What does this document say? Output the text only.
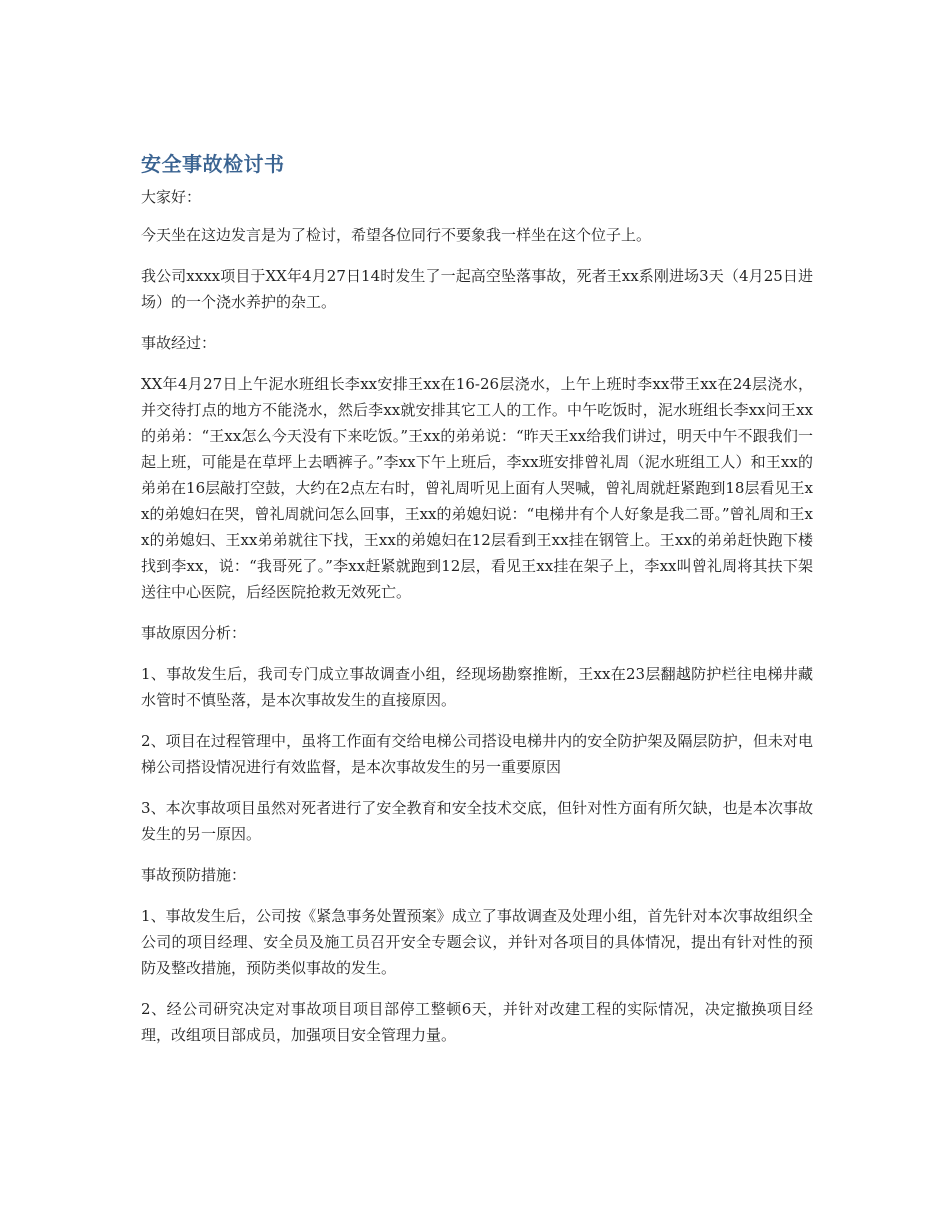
安全事故检讨书

大家好：

今天坐在这边发言是为了检讨，希望各位同行不要象我一样坐在这个位子上。

我公司xxxx项目于XX年4月27日14时发生了一起高空坠落事故，死者王xx系刚进场3天（4月25日进场）的一个浇水养护的杂工。

事故经过：

XX年4月27日上午泥水班组长李xx安排王xx在16-26层浇水，上午上班时李xx带王xx在24层浇水，并交待打点的地方不能浇水，然后李xx就安排其它工人的工作。中午吃饭时，泥水班组长李xx问王xx的弟弟：“王xx怎么今天没有下来吃饭。”王xx的弟弟说：“昨天王xx给我们讲过，明天中午不跟我们一起上班，可能是在草坪上去晒裤子。”李xx下午上班后，李xx班安排曾礼周（泥水班组工人）和王xx的弟弟在16层敲打空鼓，大约在2点左右时，曾礼周听见上面有人哭喊，曾礼周就赶紧跑到18层看见王xx的弟媳妇在哭，曾礼周就问怎么回事，王xx的弟媳妇说：“电梯井有个人好象是我二哥。”曾礼周和王xx的弟媳妇、王xx弟弟就往下找，王xx的弟媳妇在12层看到王xx挂在钢管上。王xx的弟弟赶快跑下楼找到李xx，说：“我哥死了。”李xx赶紧就跑到12层，看见王xx挂在架子上，李xx叫曾礼周将其扶下架送往中心医院，后经医院抢救无效死亡。

事故原因分析：

1、事故发生后，我司专门成立事故调查小组，经现场勘察推断，王xx在23层翻越防护栏往电梯井藏水管时不慎坠落，是本次事故发生的直接原因。

2、项目在过程管理中，虽将工作面有交给电梯公司搭设电梯井内的安全防护架及隔层防护，但未对电梯公司搭设情况进行有效监督，是本次事故发生的另一重要原因

3、本次事故项目虽然对死者进行了安全教育和安全技术交底，但针对性方面有所欠缺，也是本次事故发生的另一原因。

事故预防措施：

1、事故发生后，公司按《紧急事务处置预案》成立了事故调查及处理小组，首先针对本次事故组织全公司的项目经理、安全员及施工员召开安全专题会议，并针对各项目的具体情况，提出有针对性的预防及整改措施，预防类似事故的发生。

2、经公司研究决定对事故项目项目部停工整顿6天，并针对改建工程的实际情况，决定撤换项目经理，改组项目部成员，加强项目安全管理力量。
